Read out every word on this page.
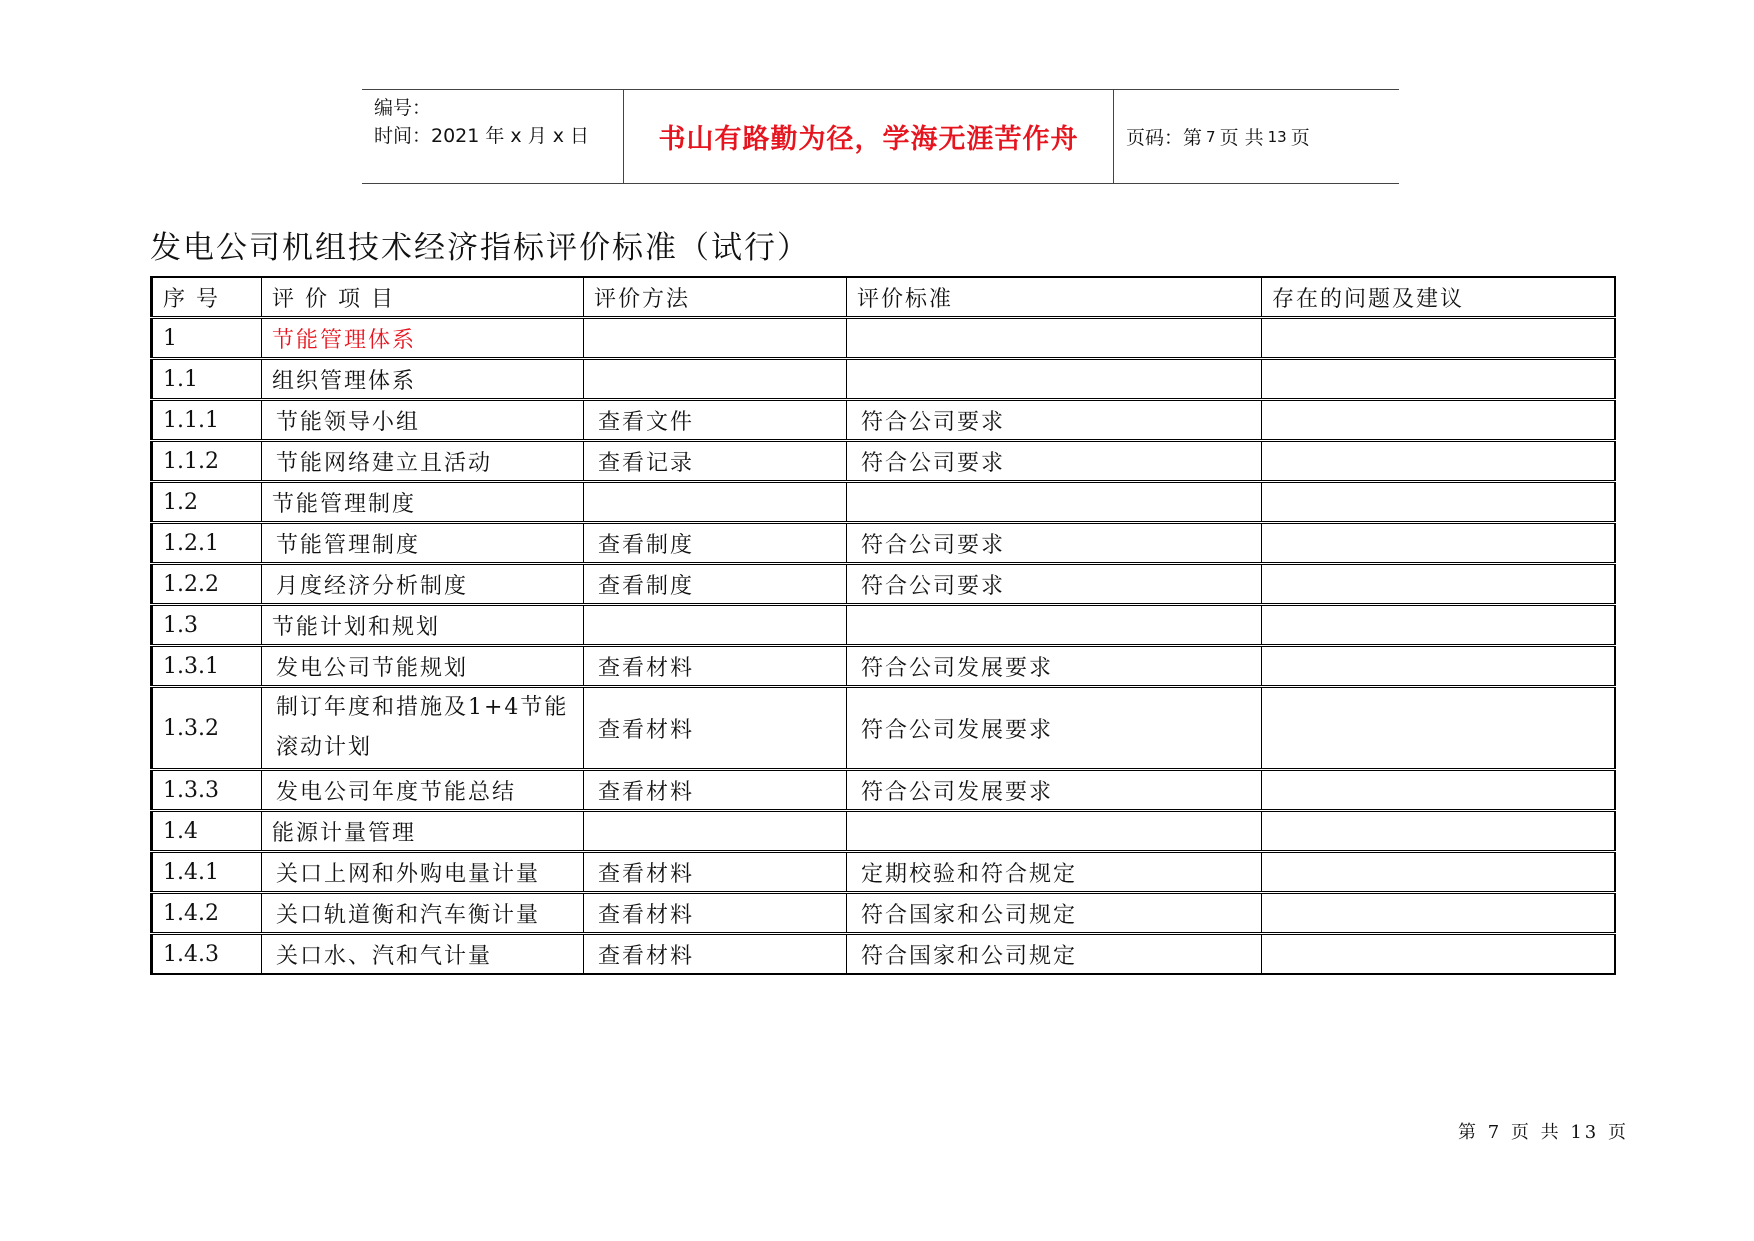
编号：
时间：2021 年 x 月 x 日	书山有路勤为径，学海无涯苦作舟	页码：第 7 页 共 13 页
发电公司机组技术经济指标评价标准（试行）
序 号	评 价 项 目	评价方法	评价标准	存在的问题及建议
1	节能管理体系			
1.1	组织管理体系			
1.1.1	节能领导小组	查看文件	符合公司要求	
1.1.2	节能网络建立且活动	查看记录	符合公司要求	
1.2	节能管理制度			
1.2.1	节能管理制度	查看制度	符合公司要求	
1.2.2	月度经济分析制度	查看制度	符合公司要求	
1.3	节能计划和规划			
1.3.1	发电公司节能规划	查看材料	符合公司发展要求	
1.3.2	制订年度和措施及1+4节能滚动计划	查看材料	符合公司发展要求	
1.3.3	发电公司年度节能总结	查看材料	符合公司发展要求	
1.4	能源计量管理			
1.4.1	关口上网和外购电量计量	查看材料	定期校验和符合规定	
1.4.2	关口轨道衡和汽车衡计量	查看材料	符合国家和公司规定	
1.4.3	关口水、汽和气计量	查看材料	符合国家和公司规定	
第 7 页 共 13 页
